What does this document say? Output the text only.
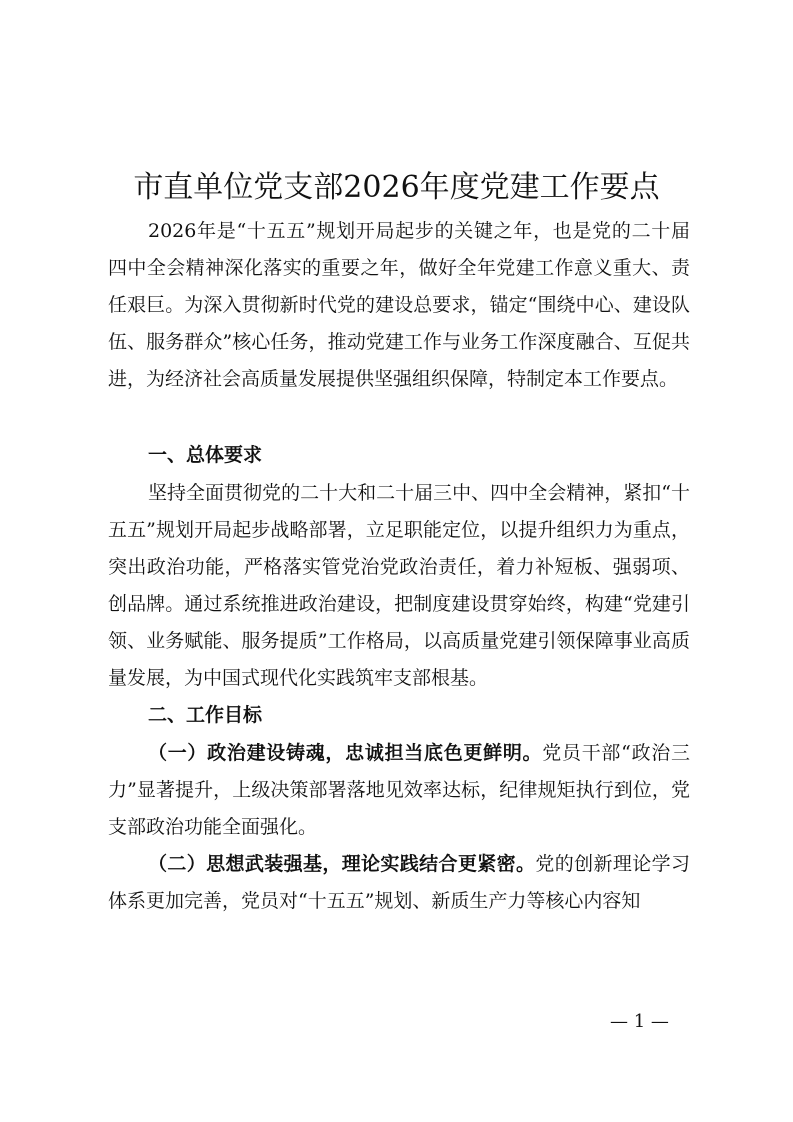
市直单位党支部2026年度党建工作要点

2026年是“十五五”规划开局起步的关键之年，也是党的二十届四中全会精神深化落实的重要之年，做好全年党建工作意义重大、责任艰巨。为深入贯彻新时代党的建设总要求，锚定“围绕中心、建设队伍、服务群众”核心任务，推动党建工作与业务工作深度融合、互促共进，为经济社会高质量发展提供坚强组织保障，特制定本工作要点。

一、总体要求

坚持全面贯彻党的二十大和二十届三中、四中全会精神，紧扣“十五五”规划开局起步战略部署，立足职能定位，以提升组织力为重点，突出政治功能，严格落实管党治党政治责任，着力补短板、强弱项、创品牌。通过系统推进政治建设，把制度建设贯穿始终，构建“党建引领、业务赋能、服务提质”工作格局，以高质量党建引领保障事业高质量发展，为中国式现代化实践筑牢支部根基。

二、工作目标

（一）政治建设铸魂，忠诚担当底色更鲜明。党员干部“政治三力”显著提升，上级决策部署落地见效率达标，纪律规矩执行到位，党支部政治功能全面强化。

（二）思想武装强基，理论实践结合更紧密。党的创新理论学习体系更加完善，党员对“十五五”规划、新质生产力等核心内容知

— 1 —
